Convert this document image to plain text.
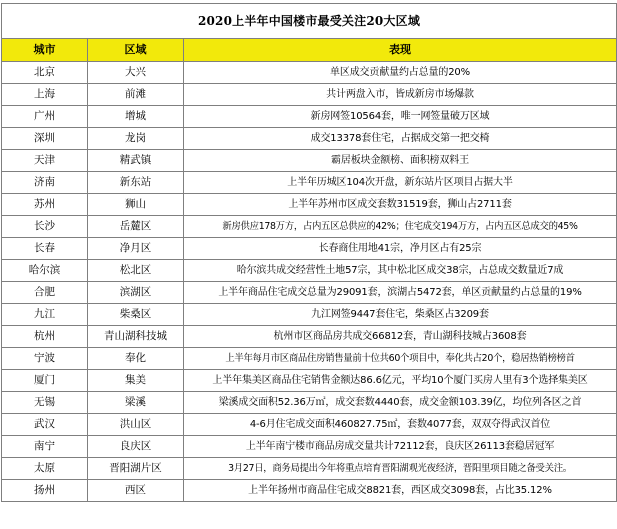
2020上半年中国楼市最受关注20大区域		
城市	区域	表现
北京	大兴	单区成交贡献量约占总量的20%
上海	前滩	共计两盘入市，皆成新房市场爆款
广州	增城	新房网签10564套，唯一网签量破万区域
深圳	龙岗	成交13378套住宅，占据成交第一把交椅
天津	精武镇	霸居板块金额榜、面积榜双料王
济南	新东站	上半年历城区104次开盘，新东站片区项目占据大半
苏州	狮山	上半年苏州市区成交套数31519套，狮山占2711套
长沙	岳麓区	新房供应178万方，占内五区总供应的42%；住宅成交194万方，占内五区总成交的45%
长春	净月区	长春商住用地41宗，净月区占有25宗
哈尔滨	松北区	哈尔滨共成交经营性土地57宗，其中松北区成交38宗，占总成交数量近7成
合肥	滨湖区	上半年商品住宅成交总量为29091套，滨湖占5472套，单区贡献量约占总量的19%
九江	柴桑区	九江网签9447套住宅，柴桑区占3209套
杭州	青山湖科技城	杭州市区商品房共成交66812套，青山湖科技城占3608套
宁波	奉化	上半年每月市区商品住房销售量前十位共60个项目中，奉化共占20个，稳居热销榜榜首
厦门	集美	上半年集美区商品住宅销售金额达86.6亿元，平均10个厦门买房人里有3个选择集美区
无锡	梁溪	梁溪成交面积52.36万㎡，成交套数4440套，成交金额103.39亿，均位列各区之首
武汉	洪山区	4-6月住宅成交面积460827.75㎡，套数4077套，双双夺得武汉首位
南宁	良庆区	上半年南宁楼市商品房成交量共计72112套，良庆区26113套稳居冠军
太原	晋阳湖片区	3月27日，商务局提出今年将重点培育晋阳湖观光夜经济，晋阳里项目随之备受关注。
扬州	西区	上半年扬州市商品住宅成交8821套，西区成交3098套，占比35.12%
